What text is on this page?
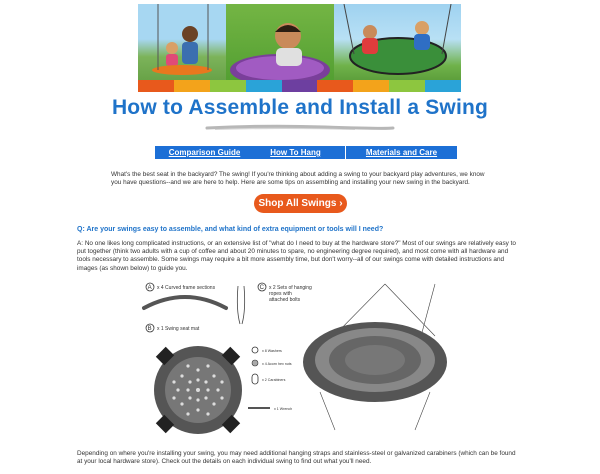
How to Assemble and Install a Swing
Comparison Guide	How To Hang	Materials and Care
What's the best seat in the backyard? The swing! If you're thinking about adding a swing to your backyard play adventures, we know you have questions--and we are here to help. Here are some tips on assembling and installing your new swing in the backyard.
Shop All Swings ›
Q: Are your swings easy to assemble, and what kind of extra equipment or tools will I need?
A: No one likes long complicated instructions, or an extensive list of "what do I need to buy at the hardware store?" Most of our swings are relatively easy to put together (think two adults with a cup of coffee and about 20 minutes to spare, no engineering degree required), and most come with all hardware and tools necessary to assemble. Some swings may require a bit more assembly time, but don't worry--all of our swings come with detailed instructions and images (as shown below) to guide you.
A x 4 Curved frame sections
B x 1 Swing seat mat
x 8 Washers
x 4 Acorn hex nuts
x 2 Carabiners
x 1 Wrench
C x 2 Sets of hanging
ropes with
attached bolts
Depending on where you're installing your swing, you may need additional hanging straps and stainless-steel or galvanized carabiners (which can be found at your local hardware store). Check out the details on each individual swing to find out what you'll need.
